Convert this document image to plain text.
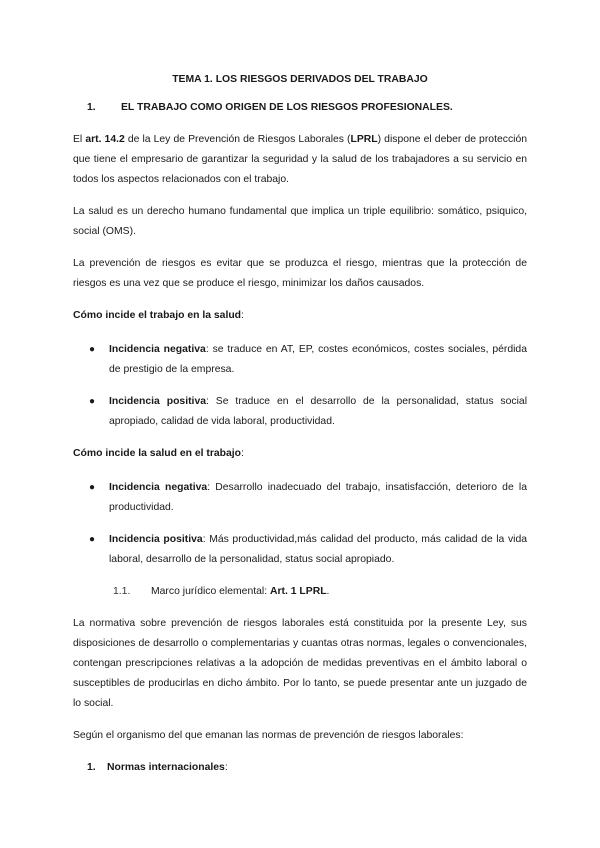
TEMA 1. LOS RIESGOS DERIVADOS DEL TRABAJO
1.	EL TRABAJO COMO ORIGEN DE LOS RIESGOS PROFESIONALES.

El art. 14.2 de la Ley de Prevención de Riesgos Laborales (LPRL) dispone el deber de protección que tiene el empresario de garantizar la seguridad y la salud de los trabajadores a su servicio en todos los aspectos relacionados con el trabajo.

La salud es un derecho humano fundamental que implica un triple equilibrio: somático, psiquico, social (OMS).

La prevención de riesgos es evitar que se produzca el riesgo, mientras que la protección de riesgos es una vez que se produce el riesgo, minimizar los daños causados.

Cómo incide el trabajo en la salud:
● Incidencia negativa: se traduce en AT, EP, costes económicos, costes sociales, pérdida de prestigio de la empresa.
● Incidencia positiva: Se traduce en el desarrollo de la personalidad, status social apropiado, calidad de vida laboral, productividad.
Cómo incide la salud en el trabajo:
● Incidencia negativa: Desarrollo inadecuado del trabajo, insatisfacción, deterioro de la productividad.
● Incidencia positiva: Más productividad,más calidad del producto, más calidad de la vida laboral, desarrollo de la personalidad, status social apropiado.
1.1.	Marco jurídico elemental: Art. 1 LPRL.

La normativa sobre prevención de riesgos laborales está constituida por la presente Ley, sus disposiciones de desarrollo o complementarias y cuantas otras normas, legales o convencionales, contengan prescripciones relativas a la adopción de medidas preventivas en el ámbito laboral o susceptibles de producirlas en dicho ámbito. Por lo tanto, se puede presentar ante un juzgado de lo social.

Según el organismo del que emanan las normas de prevención de riesgos laborales:

1.	Normas internacionales:
